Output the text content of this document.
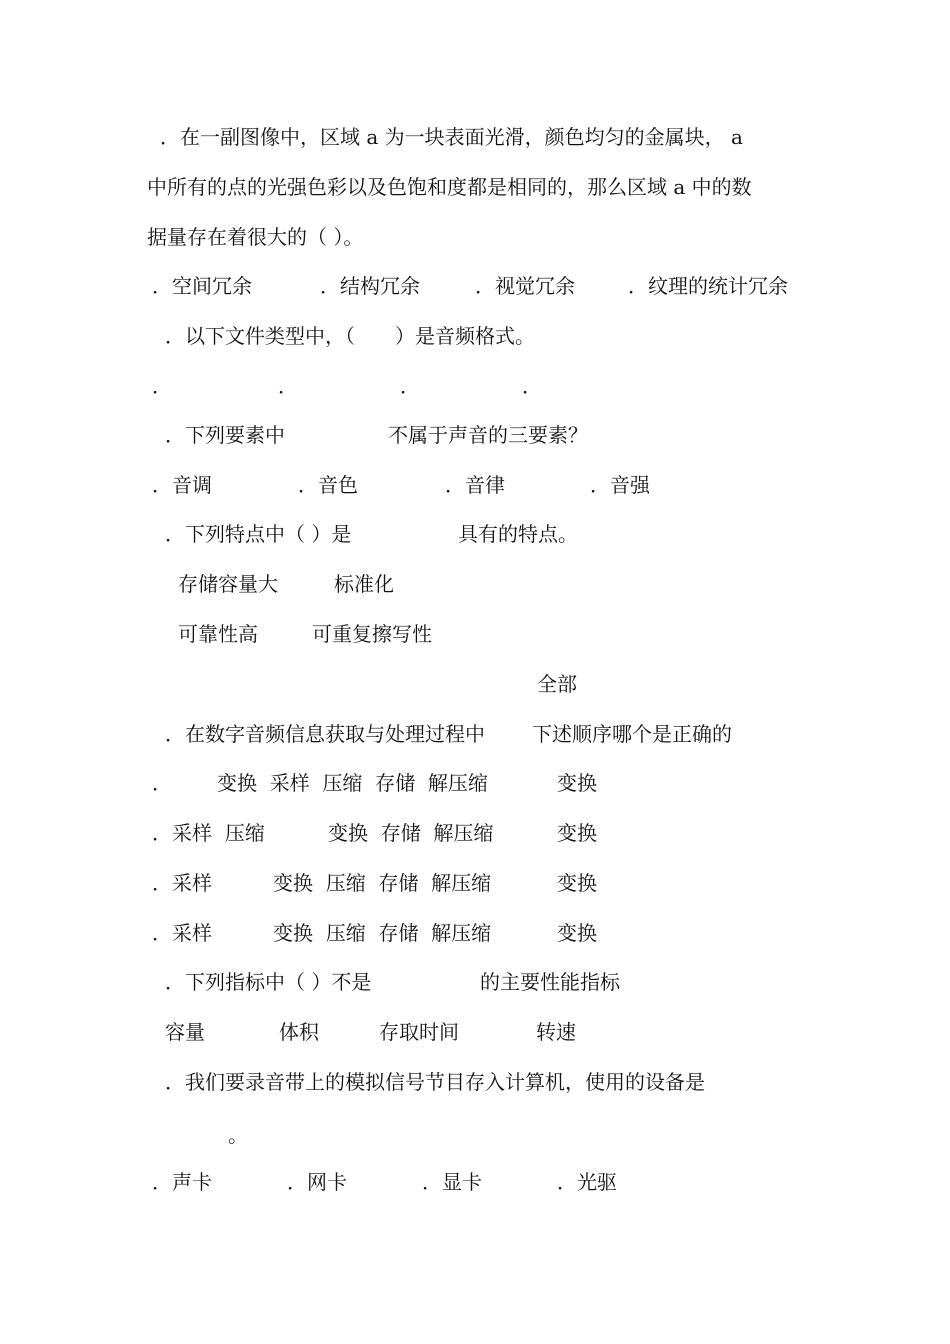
．在一副图像中，区域 a 为一块表面光滑，颜色均匀的金属块， a
中所有的点的光强色彩以及色饱和度都是相同的，那么区域 a 中的数
据量存在着很大的（ ）。
．空间冗余	．结构冗余	．视觉冗余	．纹理的统计冗余
．以下文件类型中，（　　）是音频格式。
．	．	．	．
．下列要素中	不属于声音的三要素？
．音调	．音色	．音律	．音强
．下列特点中（ ）是	具有的特点。
存储容量大	标准化
可靠性高	可重复擦写性
全部
．在数字音频信息获取与处理过程中 下述顺序哪个是正确的
． 变换  采样  压缩  存储  解压缩	变换
．采样  压缩	变换  存储  解压缩	变换
．采样	变换  压缩  存储  解压缩	变换
．采样	变换  压缩  存储  解压缩	变换
．下列指标中（ ）不是	的主要性能指标
容量	体积	存取时间	转速
．我们要录音带上的模拟信号节目存入计算机，使用的设备是
。
．声卡	．网卡	．显卡	．光驱
